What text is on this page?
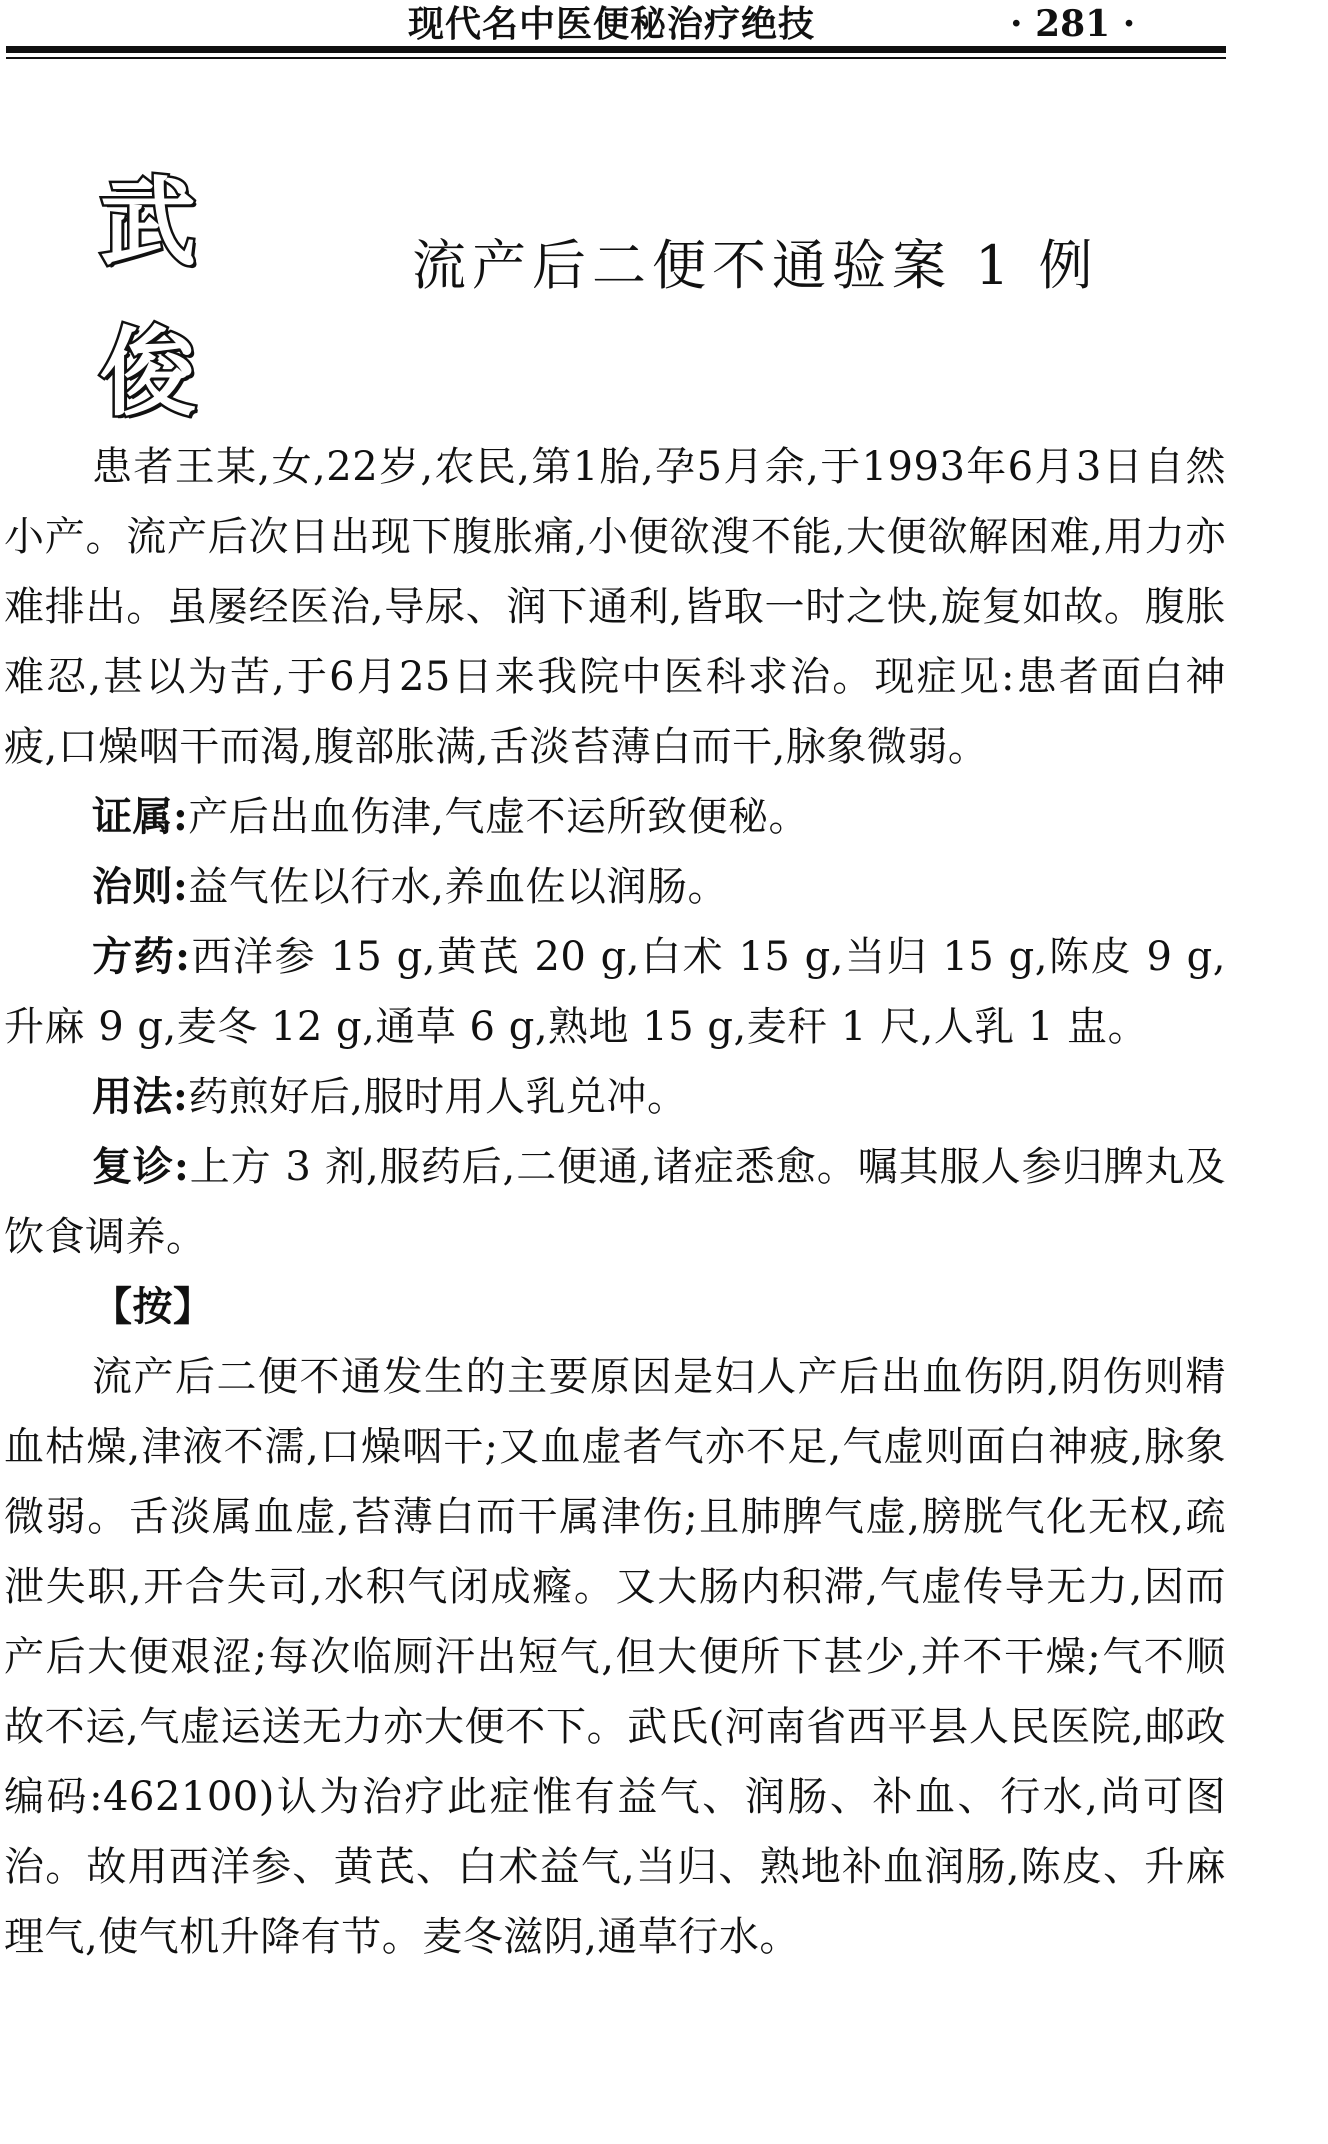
现代名中医便秘治疗绝技	· 281 ·
武
俊
流产后二便不通验案 1 例

患者王某,女,22岁,农民,第1胎,孕5月余,于1993年6月3日自然小产。流产后次日出现下腹胀痛,小便欲溲不能,大便欲解困难,用力亦难排出。虽屡经医治,导尿、润下通利,皆取一时之快,旋复如故。腹胀难忍,甚以为苦,于6月25日来我院中医科求治。现症见:患者面白神疲,口燥咽干而渴,腹部胀满,舌淡苔薄白而干,脉象微弱。

证属:产后出血伤津,气虚不运所致便秘。

治则:益气佐以行水,养血佐以润肠。

方药:西洋参 15 g,黄芪 20 g,白术 15 g,当归 15 g,陈皮 9 g,升麻 9 g,麦冬 12 g,通草 6 g,熟地 15 g,麦秆 1 尺,人乳 1 盅。

用法:药煎好后,服时用人乳兑冲。

复诊:上方 3 剂,服药后,二便通,诸症悉愈。嘱其服人参归脾丸及饮食调养。

【按】

流产后二便不通发生的主要原因是妇人产后出血伤阴,阴伤则精血枯燥,津液不濡,口燥咽干;又血虚者气亦不足,气虚则面白神疲,脉象微弱。舌淡属血虚,苔薄白而干属津伤;且肺脾气虚,膀胱气化无权,疏泄失职,开合失司,水积气闭成癃。又大肠内积滞,气虚传导无力,因而产后大便艰涩;每次临厕汗出短气,但大便所下甚少,并不干燥;气不顺故不运,气虚运送无力亦大便不下。武氏(河南省西平县人民医院,邮政编码:462100)认为治疗此症惟有益气、润肠、补血、行水,尚可图治。故用西洋参、黄芪、白术益气,当归、熟地补血润肠,陈皮、升麻理气,使气机升降有节。麦冬滋阴,通草行水。
